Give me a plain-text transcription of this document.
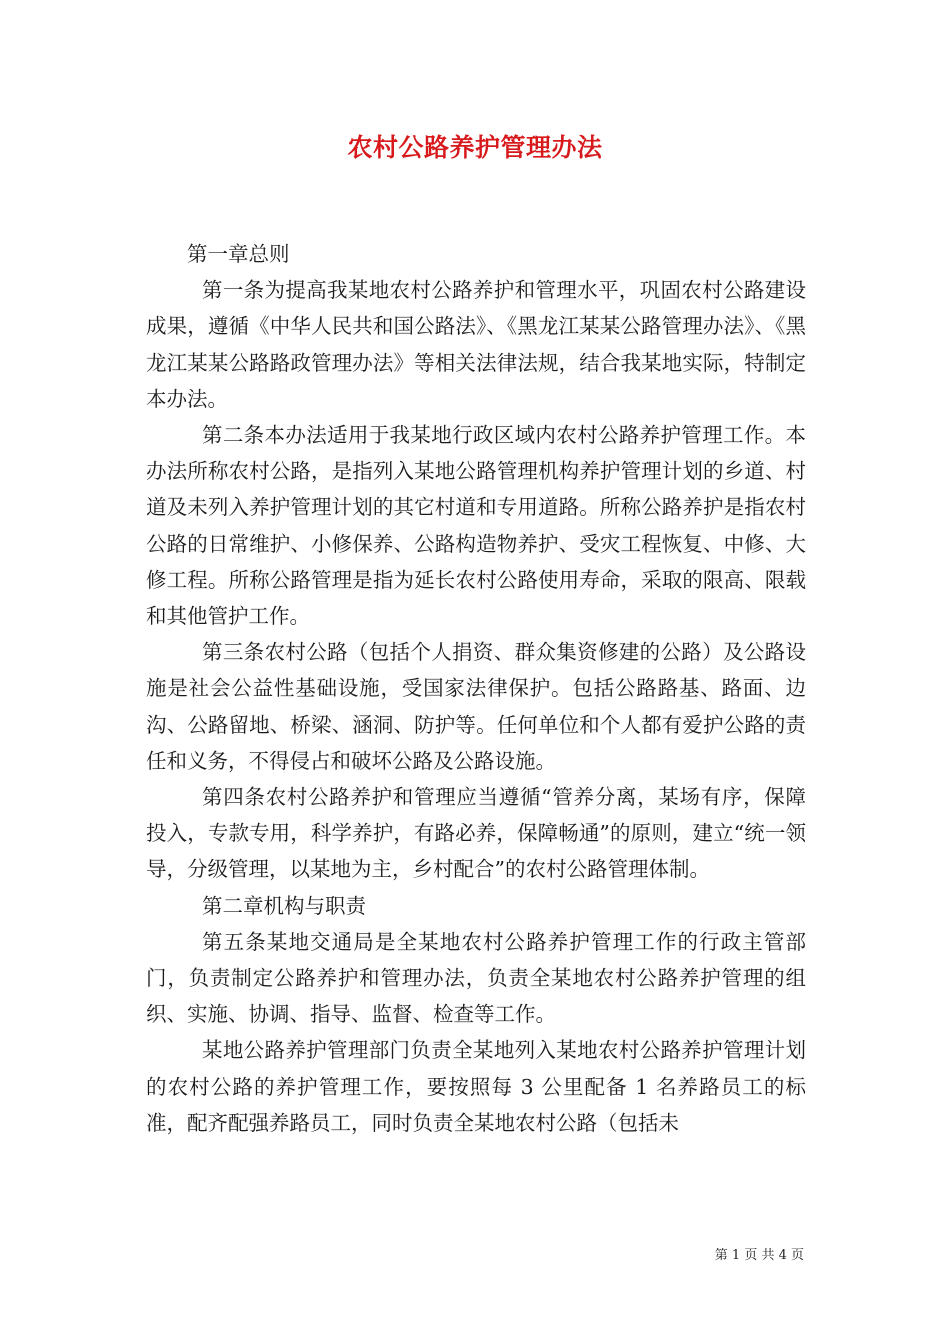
农村公路养护管理办法

第一章总则

第一条为提高我某地农村公路养护和管理水平，巩固农村公路建设成果，遵循《中华人民共和国公路法》、《黑龙江某某公路管理办法》、《黑龙江某某公路路政管理办法》等相关法律法规，结合我某地实际，特制定本办法。

第二条本办法适用于我某地行政区域内农村公路养护管理工作。本办法所称农村公路，是指列入某地公路管理机构养护管理计划的乡道、村道及未列入养护管理计划的其它村道和专用道路。所称公路养护是指农村公路的日常维护、小修保养、公路构造物养护、受灾工程恢复、中修、大修工程。所称公路管理是指为延长农村公路使用寿命，采取的限高、限载和其他管护工作。

第三条农村公路（包括个人捐资、群众集资修建的公路）及公路设施是社会公益性基础设施，受国家法律保护。包括公路路基、路面、边沟、公路留地、桥梁、涵洞、防护等。任何单位和个人都有爱护公路的责任和义务，不得侵占和破坏公路及公路设施。

第四条农村公路养护和管理应当遵循“管养分离，某场有序，保障投入，专款专用，科学养护，有路必养，保障畅通”的原则，建立“统一领导，分级管理，以某地为主，乡村配合”的农村公路管理体制。

第二章机构与职责

第五条某地交通局是全某地农村公路养护管理工作的行政主管部门，负责制定公路养护和管理办法，负责全某地农村公路养护管理的组织、实施、协调、指导、监督、检查等工作。

某地公路养护管理部门负责全某地列入某地农村公路养护管理计划的农村公路的养护管理工作，要按照每 3 公里配备 1 名养路员工的标准，配齐配强养路员工，同时负责全某地农村公路（包括未

第 1 页 共 4 页
